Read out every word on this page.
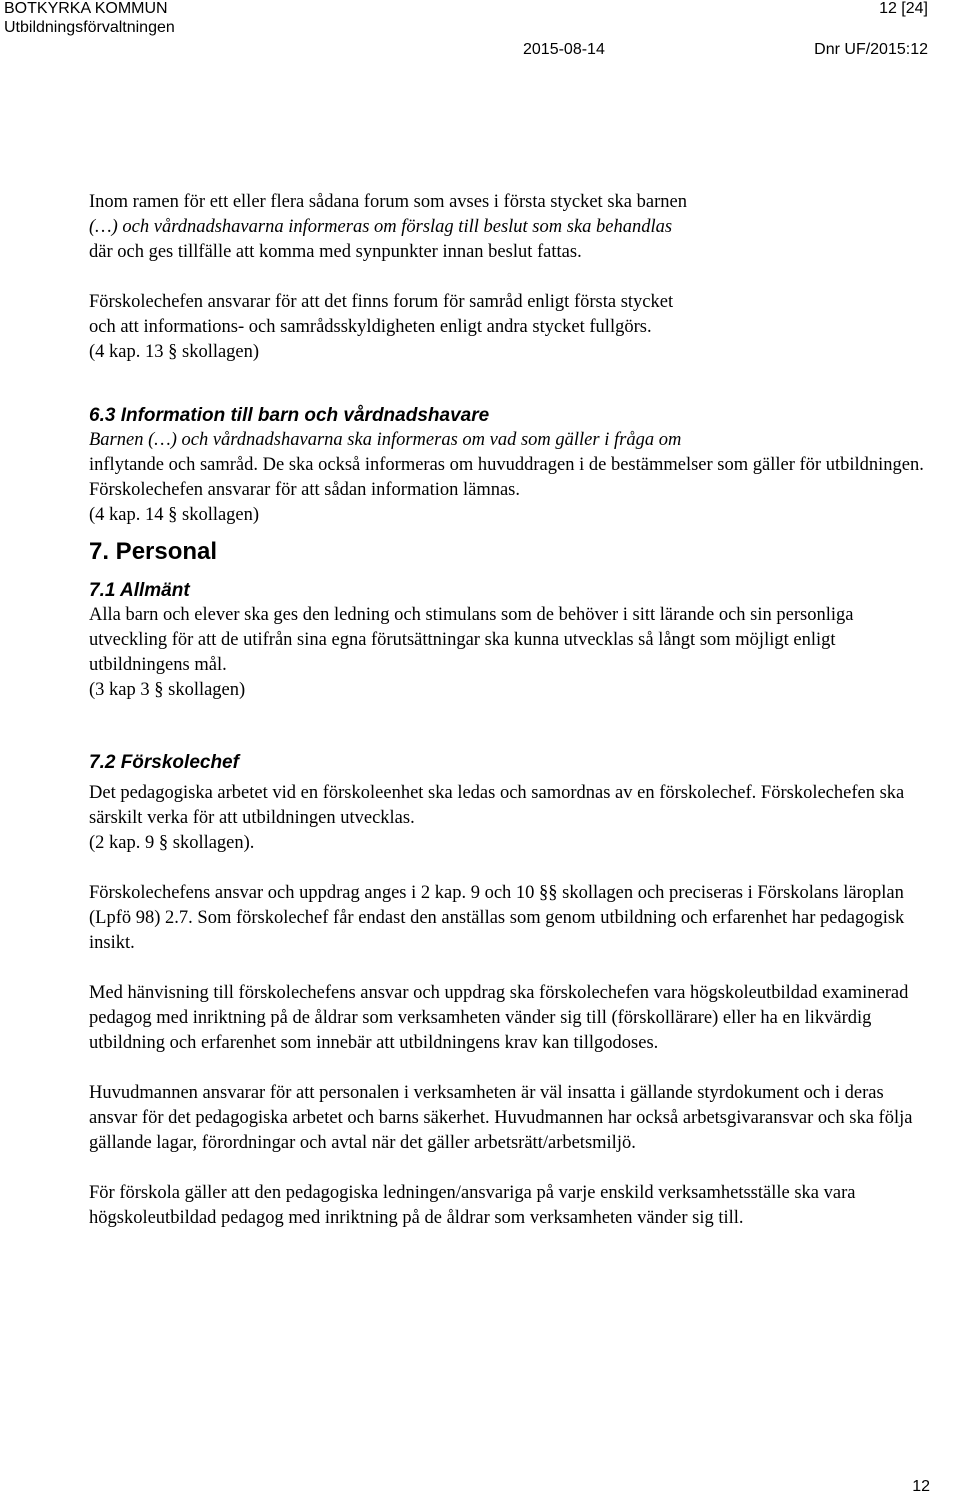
BOTKYRKA KOMMUN
Utbildningsförvaltningen
12 [24]
2015-08-14	Dnr UF/2015:12

Inom ramen för ett eller flera sådana forum som avses i första stycket ska barnen
(…) och vårdnadshavarna informeras om förslag till beslut som ska behandlas
där och ges tillfälle att komma med synpunkter innan beslut fattas.

Förskolechefen ansvarar för att det finns forum för samråd enligt första stycket
och att informations- och samrådsskyldigheten enligt andra stycket fullgörs.
(4 kap. 13 § skollagen)

6.3 Information till barn och vårdnadshavare

Barnen (…) och vårdnadshavarna ska informeras om vad som gäller i fråga om
inflytande och samråd. De ska också informeras om huvuddragen i de bestämmelser som gäller för utbildningen. Förskolechefen ansvarar för att sådan information lämnas.
(4 kap. 14 § skollagen)

7. Personal
7.1 Allmänt

Alla barn och elever ska ges den ledning och stimulans som de behöver i sitt lärande och sin personliga utveckling för att de utifrån sina egna förutsättningar ska kunna utvecklas så långt som möjligt enligt utbildningens mål.
(3 kap 3 § skollagen)

7.2 Förskolechef

Det pedagogiska arbetet vid en förskoleenhet ska ledas och samordnas av en förskolechef. Förskolechefen ska särskilt verka för att utbildningen utvecklas.
(2 kap. 9 § skollagen).

Förskolechefens ansvar och uppdrag anges i 2 kap. 9 och 10 §§ skollagen och preciseras i Förskolans läroplan (Lpfö 98) 2.7. Som förskolechef får endast den anställas som genom utbildning och erfarenhet har pedagogisk insikt.

Med hänvisning till förskolechefens ansvar och uppdrag ska förskolechefen vara högskoleutbildad examinerad pedagog med inriktning på de åldrar som verksamheten vänder sig till (förskollärare) eller ha en likvärdig utbildning och erfarenhet som innebär att utbildningens krav kan tillgodoses.

Huvudmannen ansvarar för att personalen i verksamheten är väl insatta i gällande styrdokument och i deras ansvar för det pedagogiska arbetet och barns säkerhet. Huvudmannen har också arbetsgivaransvar och ska följa gällande lagar, förordningar och avtal när det gäller arbetsrätt/arbetsmiljö.

För förskola gäller att den pedagogiska ledningen/ansvariga på varje enskild verksamhetsställe ska vara högskoleutbildad pedagog med inriktning på de åldrar som verksamheten vänder sig till.

12
